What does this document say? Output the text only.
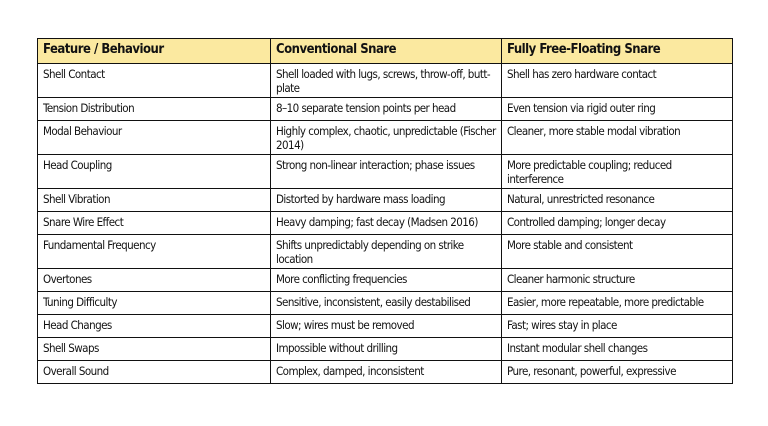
Feature / Behaviour	Conventional Snare	Fully Free-Floating Snare
Shell Contact	Shell loaded with lugs, screws, throw-off, butt-plate	Shell has zero hardware contact
Tension Distribution	8–10 separate tension points per head	Even tension via rigid outer ring
Modal Behaviour	Highly complex, chaotic, unpredictable (Fischer 2014)	Cleaner, more stable modal vibration
Head Coupling	Strong non-linear interaction; phase issues	More predictable coupling; reduced interference
Shell Vibration	Distorted by hardware mass loading	Natural, unrestricted resonance
Snare Wire Effect	Heavy damping; fast decay (Madsen 2016)	Controlled damping; longer decay
Fundamental Frequency	Shifts unpredictably depending on strike location	More stable and consistent
Overtones	More conflicting frequencies	Cleaner harmonic structure
Tuning Difficulty	Sensitive, inconsistent, easily destabilised	Easier, more repeatable, more predictable
Head Changes	Slow; wires must be removed	Fast; wires stay in place
Shell Swaps	Impossible without drilling	Instant modular shell changes
Overall Sound	Complex, damped, inconsistent	Pure, resonant, powerful, expressive
